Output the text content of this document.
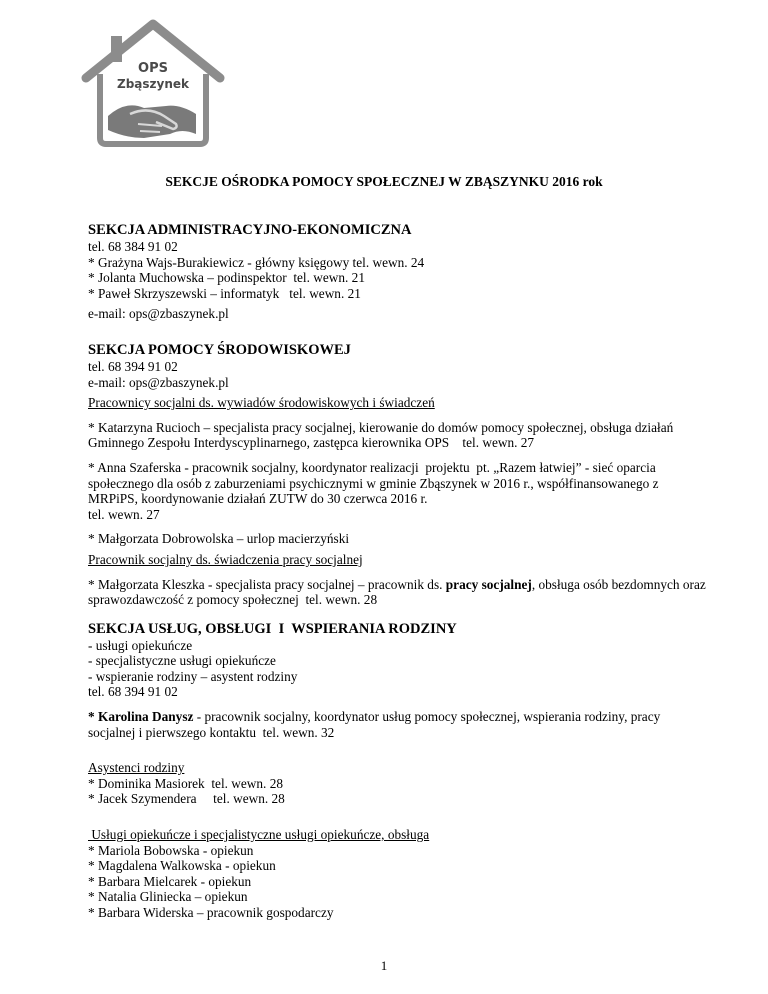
OPS
Zbąszynek
SEKCJE OŚRODKA POMOCY SPOŁECZNEJ W ZBĄSZYNKU 2016 rok
SEKCJA ADMINISTRACYJNO-EKONOMICZNA
tel. 68 384 91 02
* Grażyna Wajs-Burakiewicz - główny księgowy tel. wewn. 24
* Jolanta Muchowska – podinspektor  tel. wewn. 21
* Paweł Skrzyszewski – informatyk   tel. wewn. 21
e-mail: ops@zbaszynek.pl
SEKCJA POMOCY ŚRODOWISKOWEJ
tel. 68 394 91 02
e-mail: ops@zbaszynek.pl
Pracownicy socjalni ds. wywiadów środowiskowych i świadczeń
* Katarzyna Rucioch – specjalista pracy socjalnej, kierowanie do domów pomocy społecznej, obsługa działań Gminnego Zespołu Interdyscyplinarnego, zastępca kierownika OPS    tel. wewn. 27
* Anna Szaferska - pracownik socjalny, koordynator realizacji  projektu  pt. „Razem łatwiej” - sieć oparcia społecznego dla osób z zaburzeniami psychicznymi w gminie Zbąszynek w 2016 r., współfinansowanego z MRPiPS, koordynowanie działań ZUTW do 30 czerwca 2016 r.
tel. wewn. 27
* Małgorzata Dobrowolska – urlop macierzyński
Pracownik socjalny ds. świadczenia pracy socjalnej
* Małgorzata Kleszka - specjalista pracy socjalnej – pracownik ds. pracy socjalnej, obsługa osób bezdomnych oraz sprawozdawczość z pomocy społecznej  tel. wewn. 28
SEKCJA USŁUG, OBSŁUGI  I  WSPIERANIA RODZINY
- usługi opiekuńcze
- specjalistyczne usługi opiekuńcze
- wspieranie rodziny – asystent rodziny
tel. 68 394 91 02
* Karolina Danysz - pracownik socjalny, koordynator usług pomocy społecznej, wspierania rodziny, pracy socjalnej i pierwszego kontaktu  tel. wewn. 32
Asystenci rodziny
* Dominika Masiorek  tel. wewn. 28
* Jacek Szymendera     tel. wewn. 28
Usługi opiekuńcze i specjalistyczne usługi opiekuńcze, obsługa
* Mariola Bobowska - opiekun
* Magdalena Walkowska - opiekun
* Barbara Mielcarek - opiekun
* Natalia Gliniecka – opiekun
* Barbara Widerska – pracownik gospodarczy
1
